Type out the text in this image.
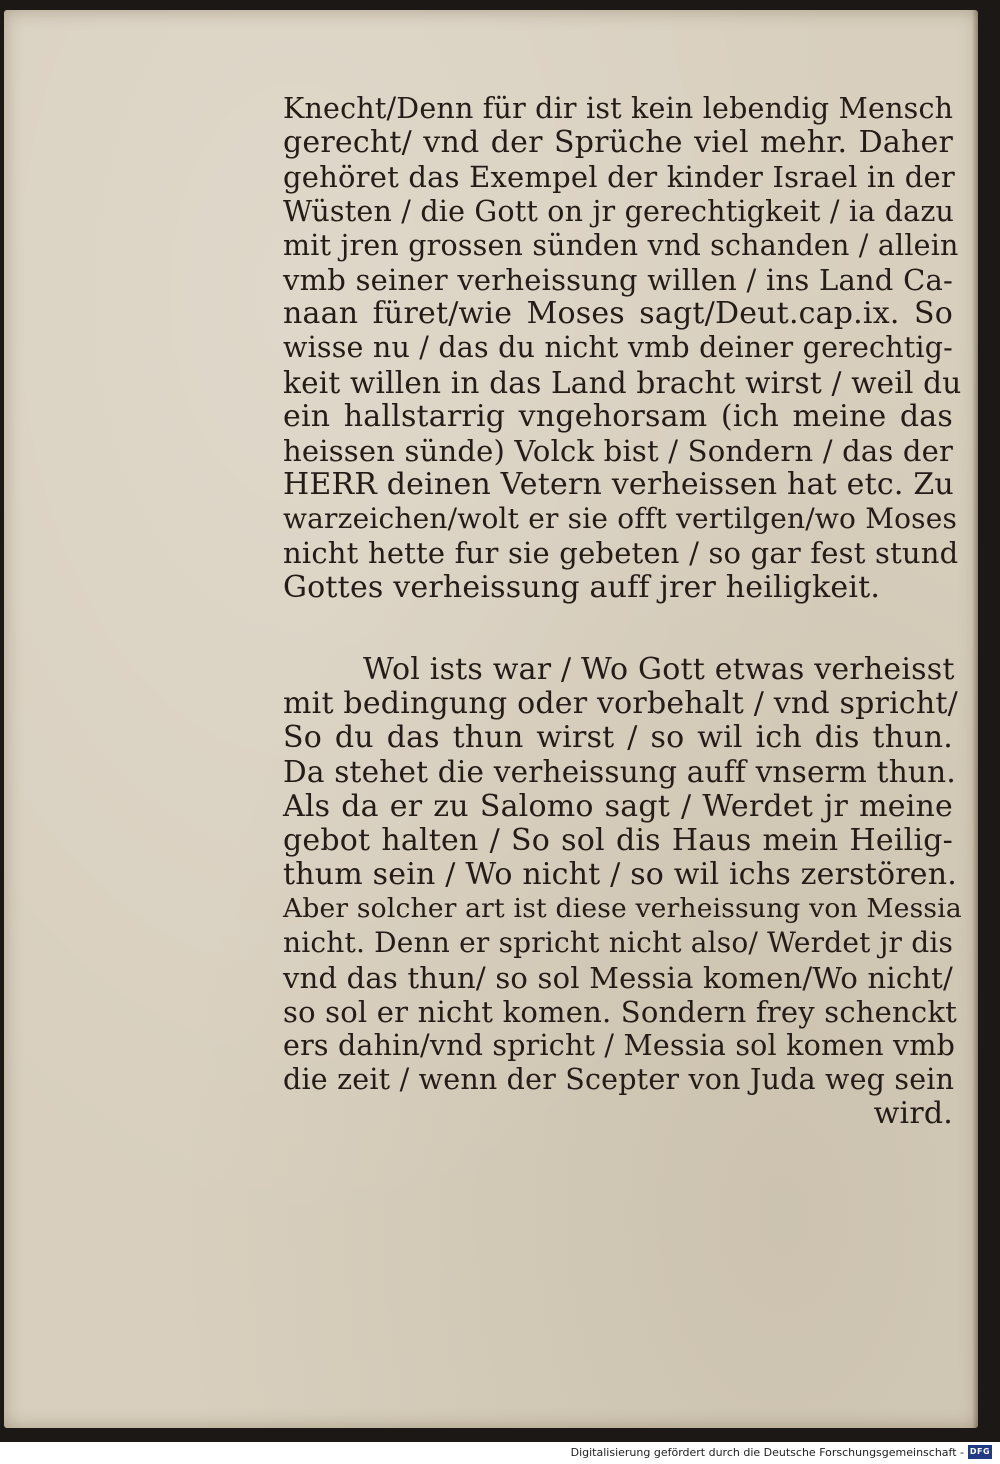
Knecht/Denn für dir ist kein lebendig Mensch
gerecht/ vnd der Sprüche viel mehr. Daher
gehöret das Exempel der kinder Israel in der
Wüsten / die Gott on jr gerechtigkeit / ia dazu
mit jren grossen sünden vnd schanden / allein
vmb seiner verheissung willen / ins Land Ca-
naan füret/wie Moses sagt/Deut.cap.ix. So
wisse nu / das du nicht vmb deiner gerechtig-
keit willen in das Land bracht wirst / weil du
ein hallstarrig vngehorsam (ich meine das
heissen sünde) Volck bist / Sondern / das der
HERR deinen Vetern verheissen hat etc. Zu
warzeichen/wolt er sie offt vertilgen/wo Moses
nicht hette fur sie gebeten / so gar fest stund
Gottes verheissung auff jrer heiligkeit.
Wol ists war / Wo Gott etwas verheisst
mit bedingung oder vorbehalt / vnd spricht/
So du das thun wirst / so wil ich dis thun.
Da stehet die verheissung auff vnserm thun.
Als da er zu Salomo sagt / Werdet jr meine
gebot halten / So sol dis Haus mein Heilig-
thum sein / Wo nicht / so wil ichs zerstören.
Aber solcher art ist diese verheissung von Messia
nicht. Denn er spricht nicht also/ Werdet jr dis
vnd das thun/ so sol Messia komen/Wo nicht/
so sol er nicht komen. Sondern frey schenckt
ers dahin/vnd spricht / Messia sol komen vmb
die zeit / wenn der Scepter von Juda weg sein
wird.
Digitalisierung gefördert durch die Deutsche Forschungsgemeinschaft - DFG
